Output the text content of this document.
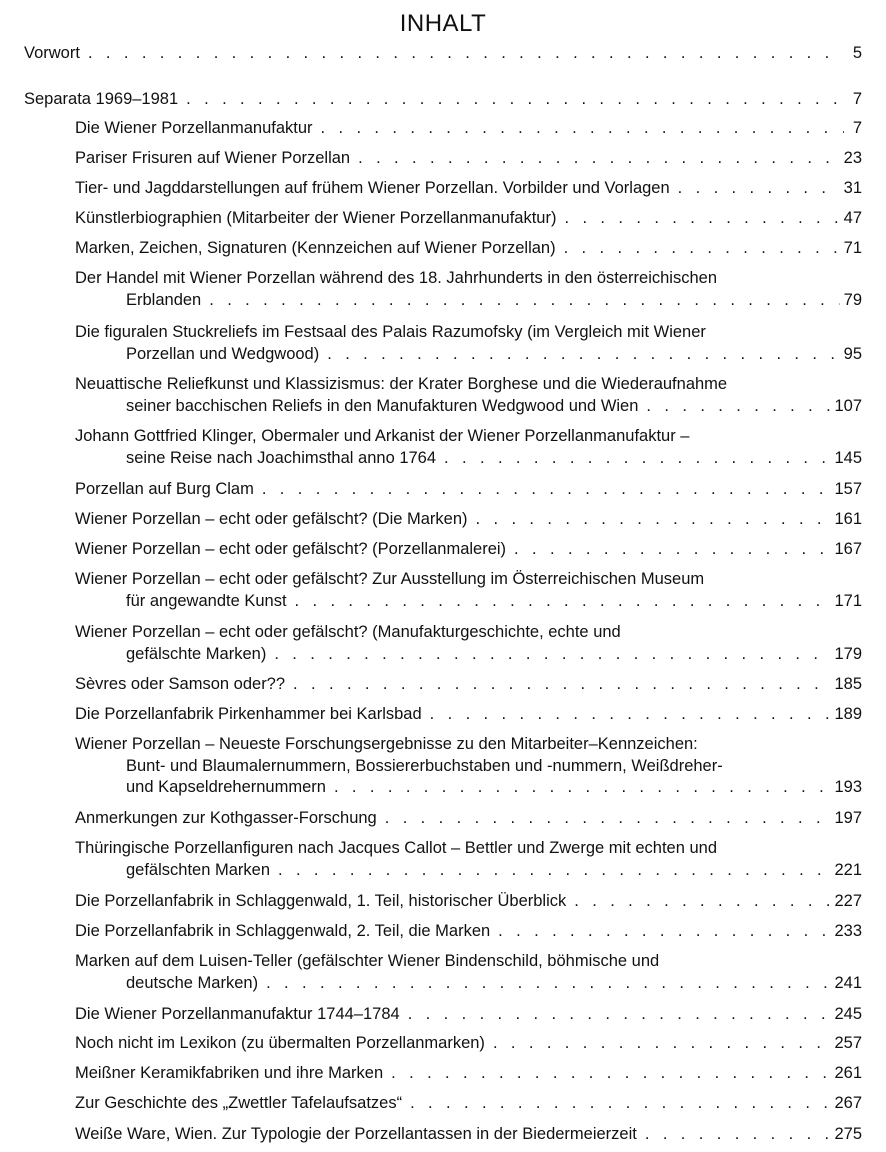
INHALT
Vorwort . . .	5
Separata 1969–1981 . . .	7
Die Wiener Porzellanmanufaktur . . .	7
Pariser Frisuren auf Wiener Porzellan . . .	23
Tier- und Jagddarstellungen auf frühem Wiener Porzellan. Vorbilder und Vorlagen . . .	31
Künstlerbiographien (Mitarbeiter der Wiener Porzellanmanufaktur) . . .	47
Marken, Zeichen, Signaturen (Kennzeichen auf Wiener Porzellan) . . .	71
Der Handel mit Wiener Porzellan während des 18. Jahrhunderts in den österreichischen
Erblanden . . .	79
Die figuralen Stuckreliefs im Festsaal des Palais Razumofsky (im Vergleich mit Wiener
Porzellan und Wedgwood) . . .	95
Neuattische Reliefkunst und Klassizismus: der Krater Borghese und die Wiederaufnahme
seiner bacchischen Reliefs in den Manufakturen Wedgwood und Wien . . .	107
Johann Gottfried Klinger, Obermaler und Arkanist der Wiener Porzellanmanufaktur –
seine Reise nach Joachimsthal anno 1764 . . .	145
Porzellan auf Burg Clam . . .	157
Wiener Porzellan – echt oder gefälscht? (Die Marken) . . .	161
Wiener Porzellan – echt oder gefälscht? (Porzellanmalerei) . . .	167
Wiener Porzellan – echt oder gefälscht? Zur Ausstellung im Österreichischen Museum
für angewandte Kunst . . .	171
Wiener Porzellan – echt oder gefälscht? (Manufakturgeschichte, echte und
gefälschte Marken) . . .	179
Sèvres oder Samson oder?? . . .	185
Die Porzellanfabrik Pirkenhammer bei Karlsbad . . .	189
Wiener Porzellan – Neueste Forschungsergebnisse zu den Mitarbeiter–Kennzeichen:
Bunt- und Blaumalernummern, Bossiererbuchstaben und -nummern, Weißdreher-
und Kapseldrehernummern . . .	193
Anmerkungen zur Kothgasser-Forschung . . .	197
Thüringische Porzellanfiguren nach Jacques Callot – Bettler und Zwerge mit echten und
gefälschten Marken . . .	221
Die Porzellanfabrik in Schlaggenwald, 1. Teil, historischer Überblick . . .	227
Die Porzellanfabrik in Schlaggenwald, 2. Teil, die Marken . . .	233
Marken auf dem Luisen-Teller (gefälschter Wiener Bindenschild, böhmische und
deutsche Marken) . . .	241
Die Wiener Porzellanmanufaktur 1744–1784 . . .	245
Noch nicht im Lexikon (zu übermalten Porzellanmarken) . . .	257
Meißner Keramikfabriken und ihre Marken . . .	261
Zur Geschichte des „Zwettler Tafelaufsatzes“ . . .	267
Weiße Ware, Wien. Zur Typologie der Porzellantassen in der Biedermeierzeit . . .	275
